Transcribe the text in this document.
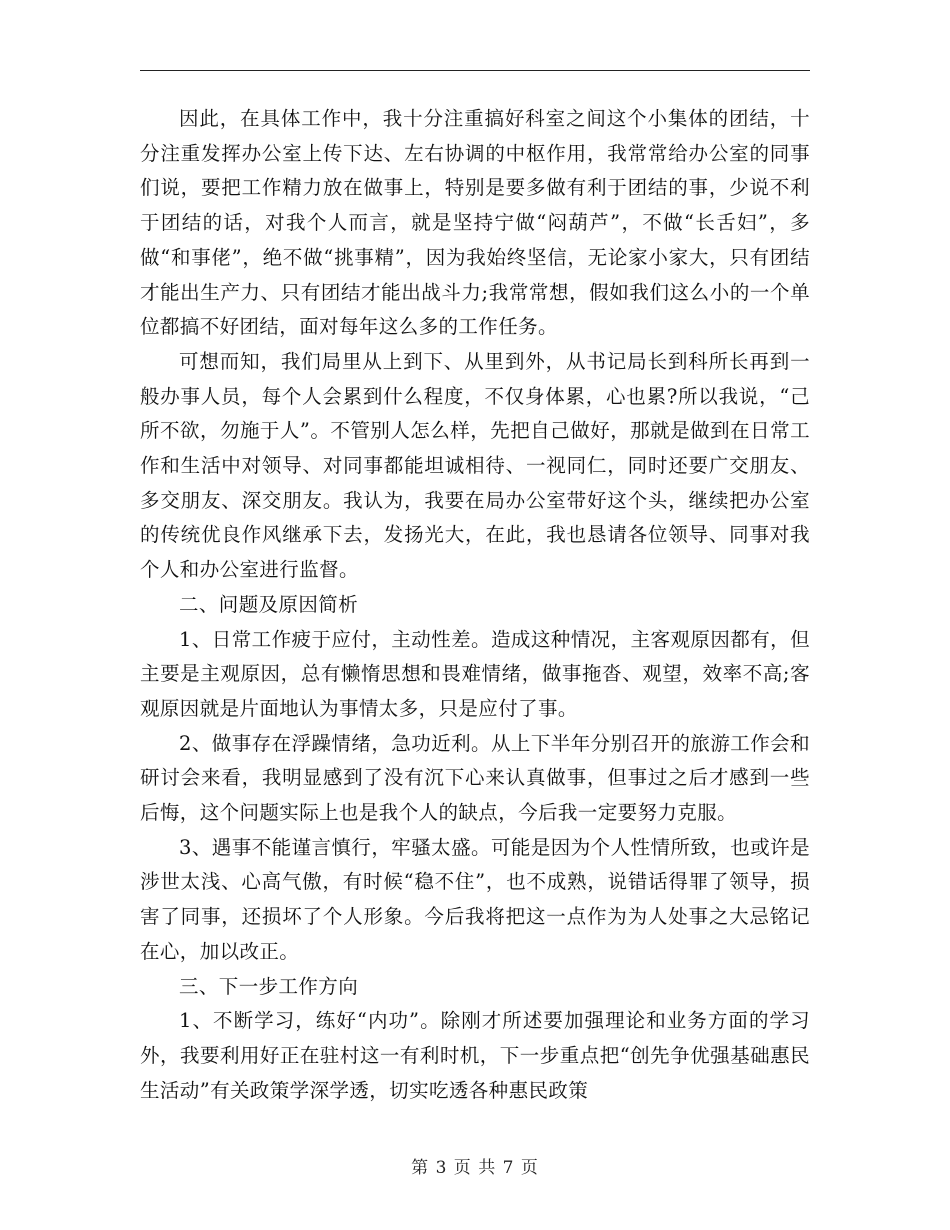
因此，在具体工作中，我十分注重搞好科室之间这个小集体的团结，十分注重发挥办公室上传下达、左右协调的中枢作用，我常常给办公室的同事们说，要把工作精力放在做事上，特别是要多做有利于团结的事，少说不利于团结的话，对我个人而言，就是坚持宁做“闷葫芦”，不做“长舌妇”，多做“和事佬”，绝不做“挑事精”，因为我始终坚信，无论家小家大，只有团结才能出生产力、只有团结才能出战斗力;我常常想，假如我们这么小的一个单位都搞不好团结，面对每年这么多的工作任务。

可想而知，我们局里从上到下、从里到外，从书记局长到科所长再到一般办事人员，每个人会累到什么程度，不仅身体累，心也累?所以我说，“己所不欲，勿施于人”。不管别人怎么样，先把自己做好，那就是做到在日常工作和生活中对领导、对同事都能坦诚相待、一视同仁，同时还要广交朋友、多交朋友、深交朋友。我认为，我要在局办公室带好这个头，继续把办公室的传统优良作风继承下去，发扬光大，在此，我也恳请各位领导、同事对我个人和办公室进行监督。

二、问题及原因简析

1、日常工作疲于应付，主动性差。造成这种情况，主客观原因都有，但主要是主观原因，总有懒惰思想和畏难情绪，做事拖沓、观望，效率不高;客观原因就是片面地认为事情太多，只是应付了事。

2、做事存在浮躁情绪，急功近利。从上下半年分别召开的旅游工作会和研讨会来看，我明显感到了没有沉下心来认真做事，但事过之后才感到一些后悔，这个问题实际上也是我个人的缺点，今后我一定要努力克服。

3、遇事不能谨言慎行，牢骚太盛。可能是因为个人性情所致，也或许是涉世太浅、心高气傲，有时候“稳不住”，也不成熟，说错话得罪了领导，损害了同事，还损坏了个人形象。今后我将把这一点作为为人处事之大忌铭记在心，加以改正。

三、下一步工作方向

1、不断学习，练好“内功”。除刚才所述要加强理论和业务方面的学习外，我要利用好正在驻村这一有利时机，下一步重点把“创先争优强基础惠民生活动”有关政策学深学透，切实吃透各种惠民政策

第 3 页 共 7 页
